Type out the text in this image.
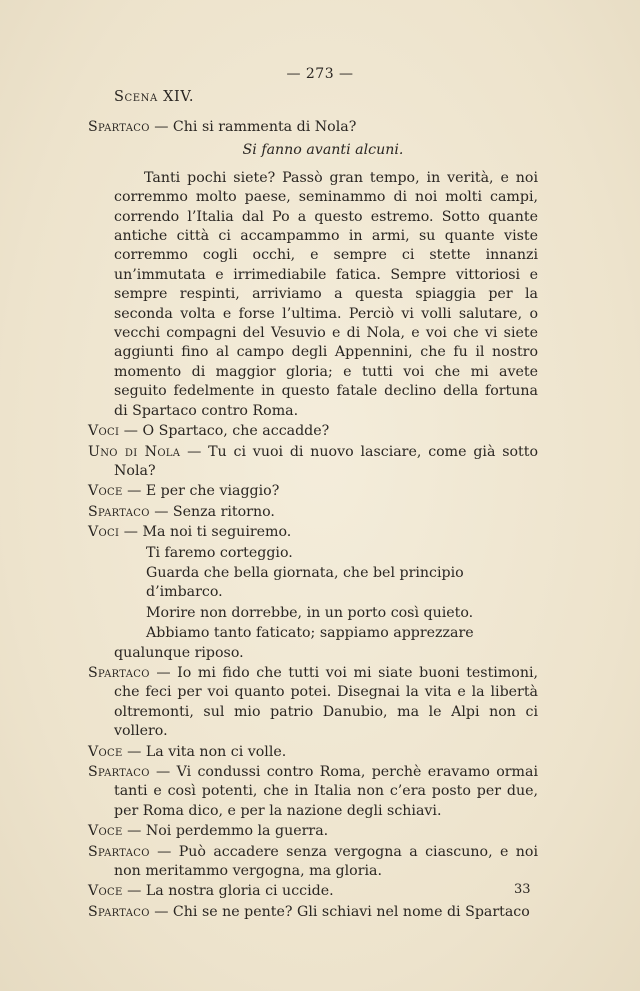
— 273 —
Scena XIV.

Spartaco — Chi si rammenta di Nola?

Si fanno avanti alcuni.

Tanti pochi siete? Passò gran tempo, in verità, e noi corremmo molto paese, seminammo di noi molti campi, correndo l’Italia dal Po a questo estremo. Sotto quante antiche città ci accampammo in armi, su quante viste corremmo cogli occhi, e sempre ci stette innanzi un’immutata e irrimediabile fatica. Sempre vittoriosi e sempre respinti, arriviamo a questa spiaggia per la seconda volta e forse l’ultima. Perciò vi volli salutare, o vecchi compagni del Vesuvio e di Nola, e voi che vi siete aggiunti fino al campo degli Appennini, che fu il nostro momento di maggior gloria; e tutti voi che mi avete seguito fedelmente in questo fatale declino della fortuna di Spartaco contro Roma.

Voci — O Spartaco, che accadde?

Uno di Nola — Tu ci vuoi di nuovo lasciare, come già sotto Nola?

Voce — E per che viaggio?

Spartaco — Senza ritorno.

Voci — Ma noi ti seguiremo.

Ti faremo corteggio.

Guarda che bella giornata, che bel principio d’imbarco.

Morire non dorrebbe, in un porto così quieto.

Abbiamo tanto faticato; sappiamo apprezzare qualunque riposo.

Spartaco — Io mi fido che tutti voi mi siate buoni testimoni, che feci per voi quanto potei. Disegnai la vita e la libertà oltremonti, sul mio patrio Danubio, ma le Alpi non ci vollero.

Voce — La vita non ci volle.

Spartaco — Vi condussi contro Roma, perchè eravamo ormai tanti e così potenti, che in Italia non c’era posto per due, per Roma dico, e per la nazione degli schiavi.

Voce — Noi perdemmo la guerra.

Spartaco — Può accadere senza vergogna a ciascuno, e noi non meritammo vergogna, ma gloria.

Voce — La nostra gloria ci uccide.

Spartaco — Chi se ne pente? Gli schiavi nel nome di Spartaco

33
